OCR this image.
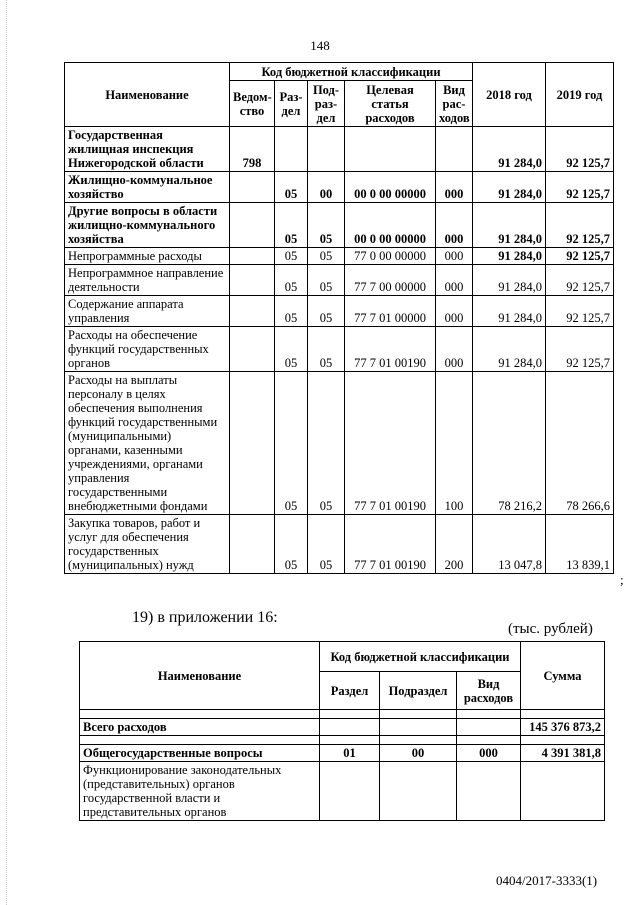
148
Наименование	Код бюджетной классификации					2018 год	2019 год
	Ведом-ство	Раз-дел	Под-раз-дел	Целевая статья расходов	Вид рас-ходов		
Государственная жилищная инспекция Нижегородской области	798					91 284,0	92 125,7
Жилищно-коммунальное хозяйство		05	00	00 0 00 00000	000	91 284,0	92 125,7
Другие вопросы в области жилищно-коммунального хозяйства		05	05	00 0 00 00000	000	91 284,0	92 125,7
Непрограммные расходы		05	05	77 0 00 00000	000	91 284,0	92 125,7
Непрограммное направление деятельности		05	05	77 7 00 00000	000	91 284,0	92 125,7
Содержание аппарата управления		05	05	77 7 01 00000	000	91 284,0	92 125,7
Расходы на обеспечение функций государственных органов		05	05	77 7 01 00190	000	91 284,0	92 125,7
Расходы на выплаты персоналу в целях обеспечения выполнения функций государственными (муниципальными) органами, казенными учреждениями, органами управления государственными внебюджетными фондами		05	05	77 7 01 00190	100	78 216,2	78 266,6
Закупка товаров, работ и услуг для обеспечения государственных (муниципальных) нужд		05	05	77 7 01 00190	200	13 047,8	13 839,1
;
19) в приложении 16:
(тыс. рублей)
Наименование	Код бюджетной классификации			Сумма
	Раздел	Подраздел	Вид расходов	

Всего расходов				145 376 873,2

Общегосударственные вопросы	01	00	000	4 391 381,8
Функционирование законодательных (представительных) органов государственной власти и представительных органов				
0404/2017-3333(1)
